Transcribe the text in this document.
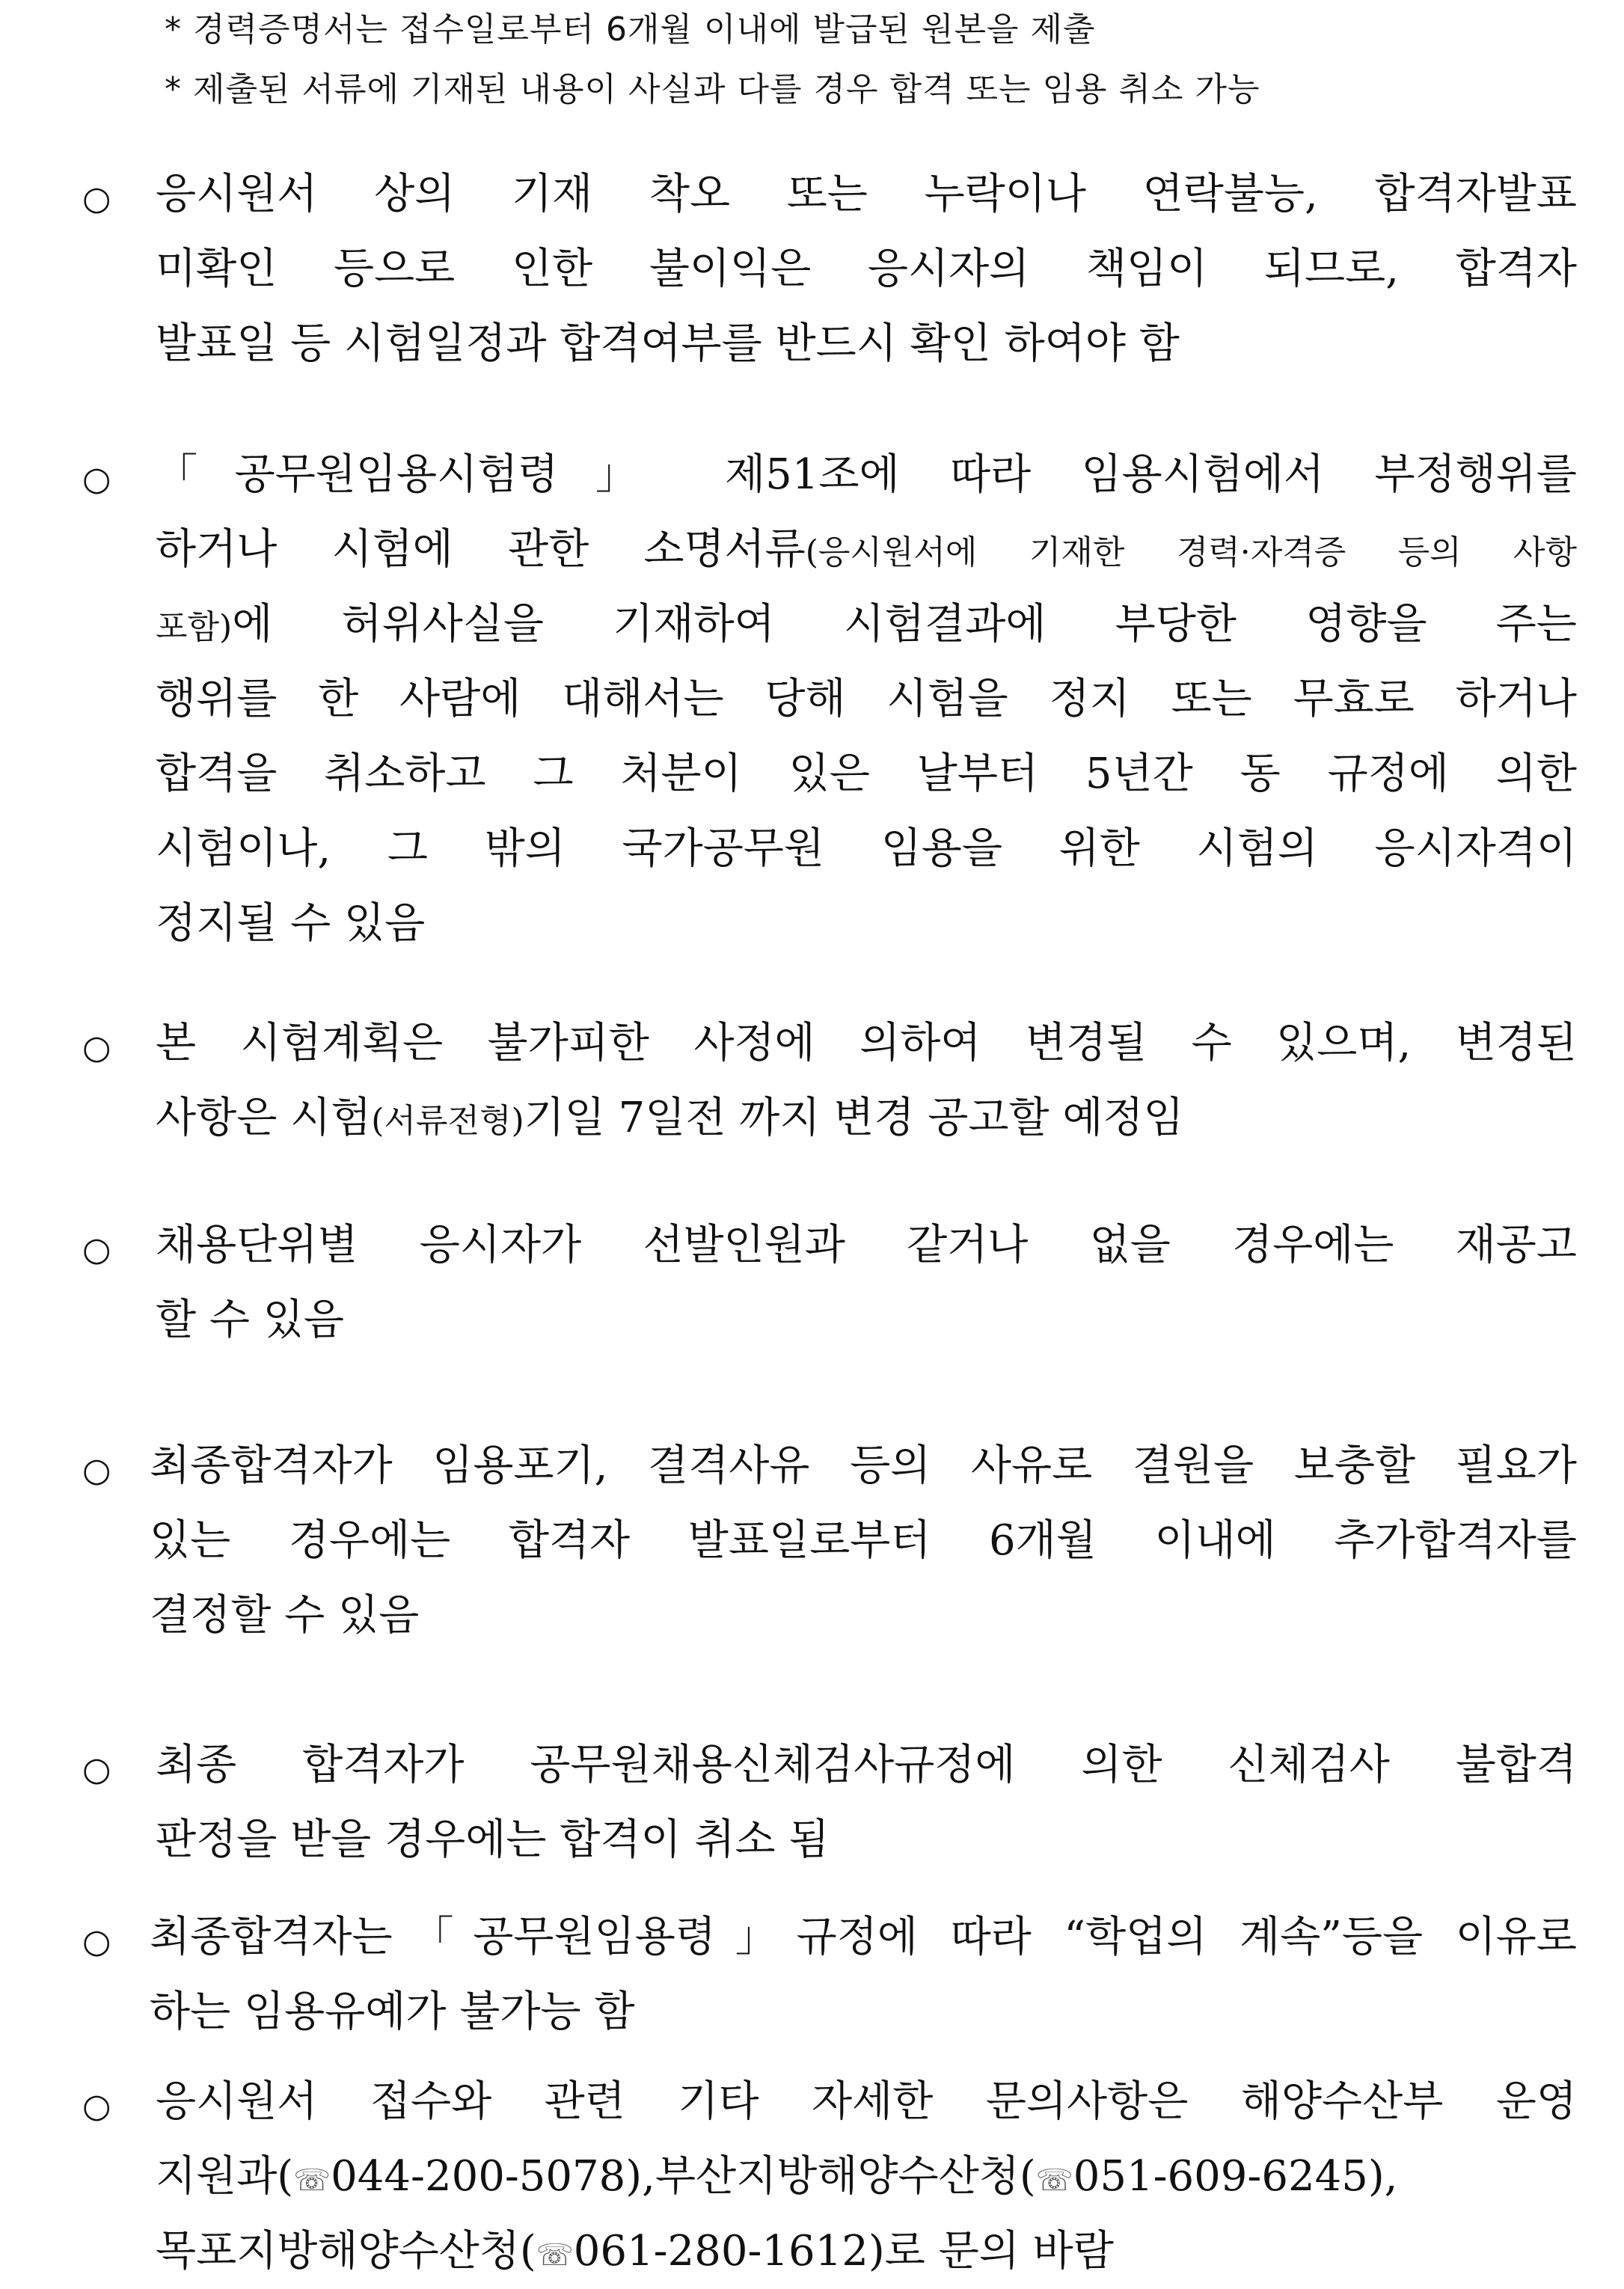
* 경력증명서는 접수일로부터 6개월 이내에 발급된 원본을 제출
* 제출된 서류에 기재된 내용이 사실과 다를 경우 합격 또는 임용 취소 가능
○ 응시원서 상의 기재 착오 또는 누락이나 연락불능, 합격자발표
미확인 등으로 인한 불이익은 응시자의 책임이 되므로, 합격자
발표일 등 시험일정과 합격여부를 반드시 확인 하여야 함
○ 「공무원임용시험령」 제51조에 따라 임용시험에서 부정행위를
하거나 시험에 관한 소명서류(응시원서에 기재한 경력·자격증 등의 사항
포함)에 허위사실을 기재하여 시험결과에 부당한 영향을 주는
행위를 한 사람에 대해서는 당해 시험을 정지 또는 무효로 하거나
합격을 취소하고 그 처분이 있은 날부터 5년간 동 규정에 의한
시험이나, 그 밖의 국가공무원 임용을 위한 시험의 응시자격이
정지될 수 있음
○ 본 시험계획은 불가피한 사정에 의하여 변경될 수 있으며, 변경된
사항은 시험(서류전형)기일 7일전 까지 변경 공고할 예정임
○ 채용단위별 응시자가 선발인원과 같거나 없을 경우에는 재공고
할 수 있음
○ 최종합격자가 임용포기, 결격사유 등의 사유로 결원을 보충할 필요가
있는 경우에는 합격자 발표일로부터 6개월 이내에 추가합격자를
결정할 수 있음
○ 최종 합격자가 공무원채용신체검사규정에 의한 신체검사 불합격
판정을 받을 경우에는 합격이 취소 됨
○ 최종합격자는「공무원임용령」규정에 따라 “학업의 계속”등을 이유로
하는 임용유예가 불가능 함
○ 응시원서 접수와 관련 기타 자세한 문의사항은 해양수산부 운영
지원과(☏044-200-5078),부산지방해양수산청(☏051-609-6245),
목포지방해양수산청(☏061-280-1612)로 문의 바람
